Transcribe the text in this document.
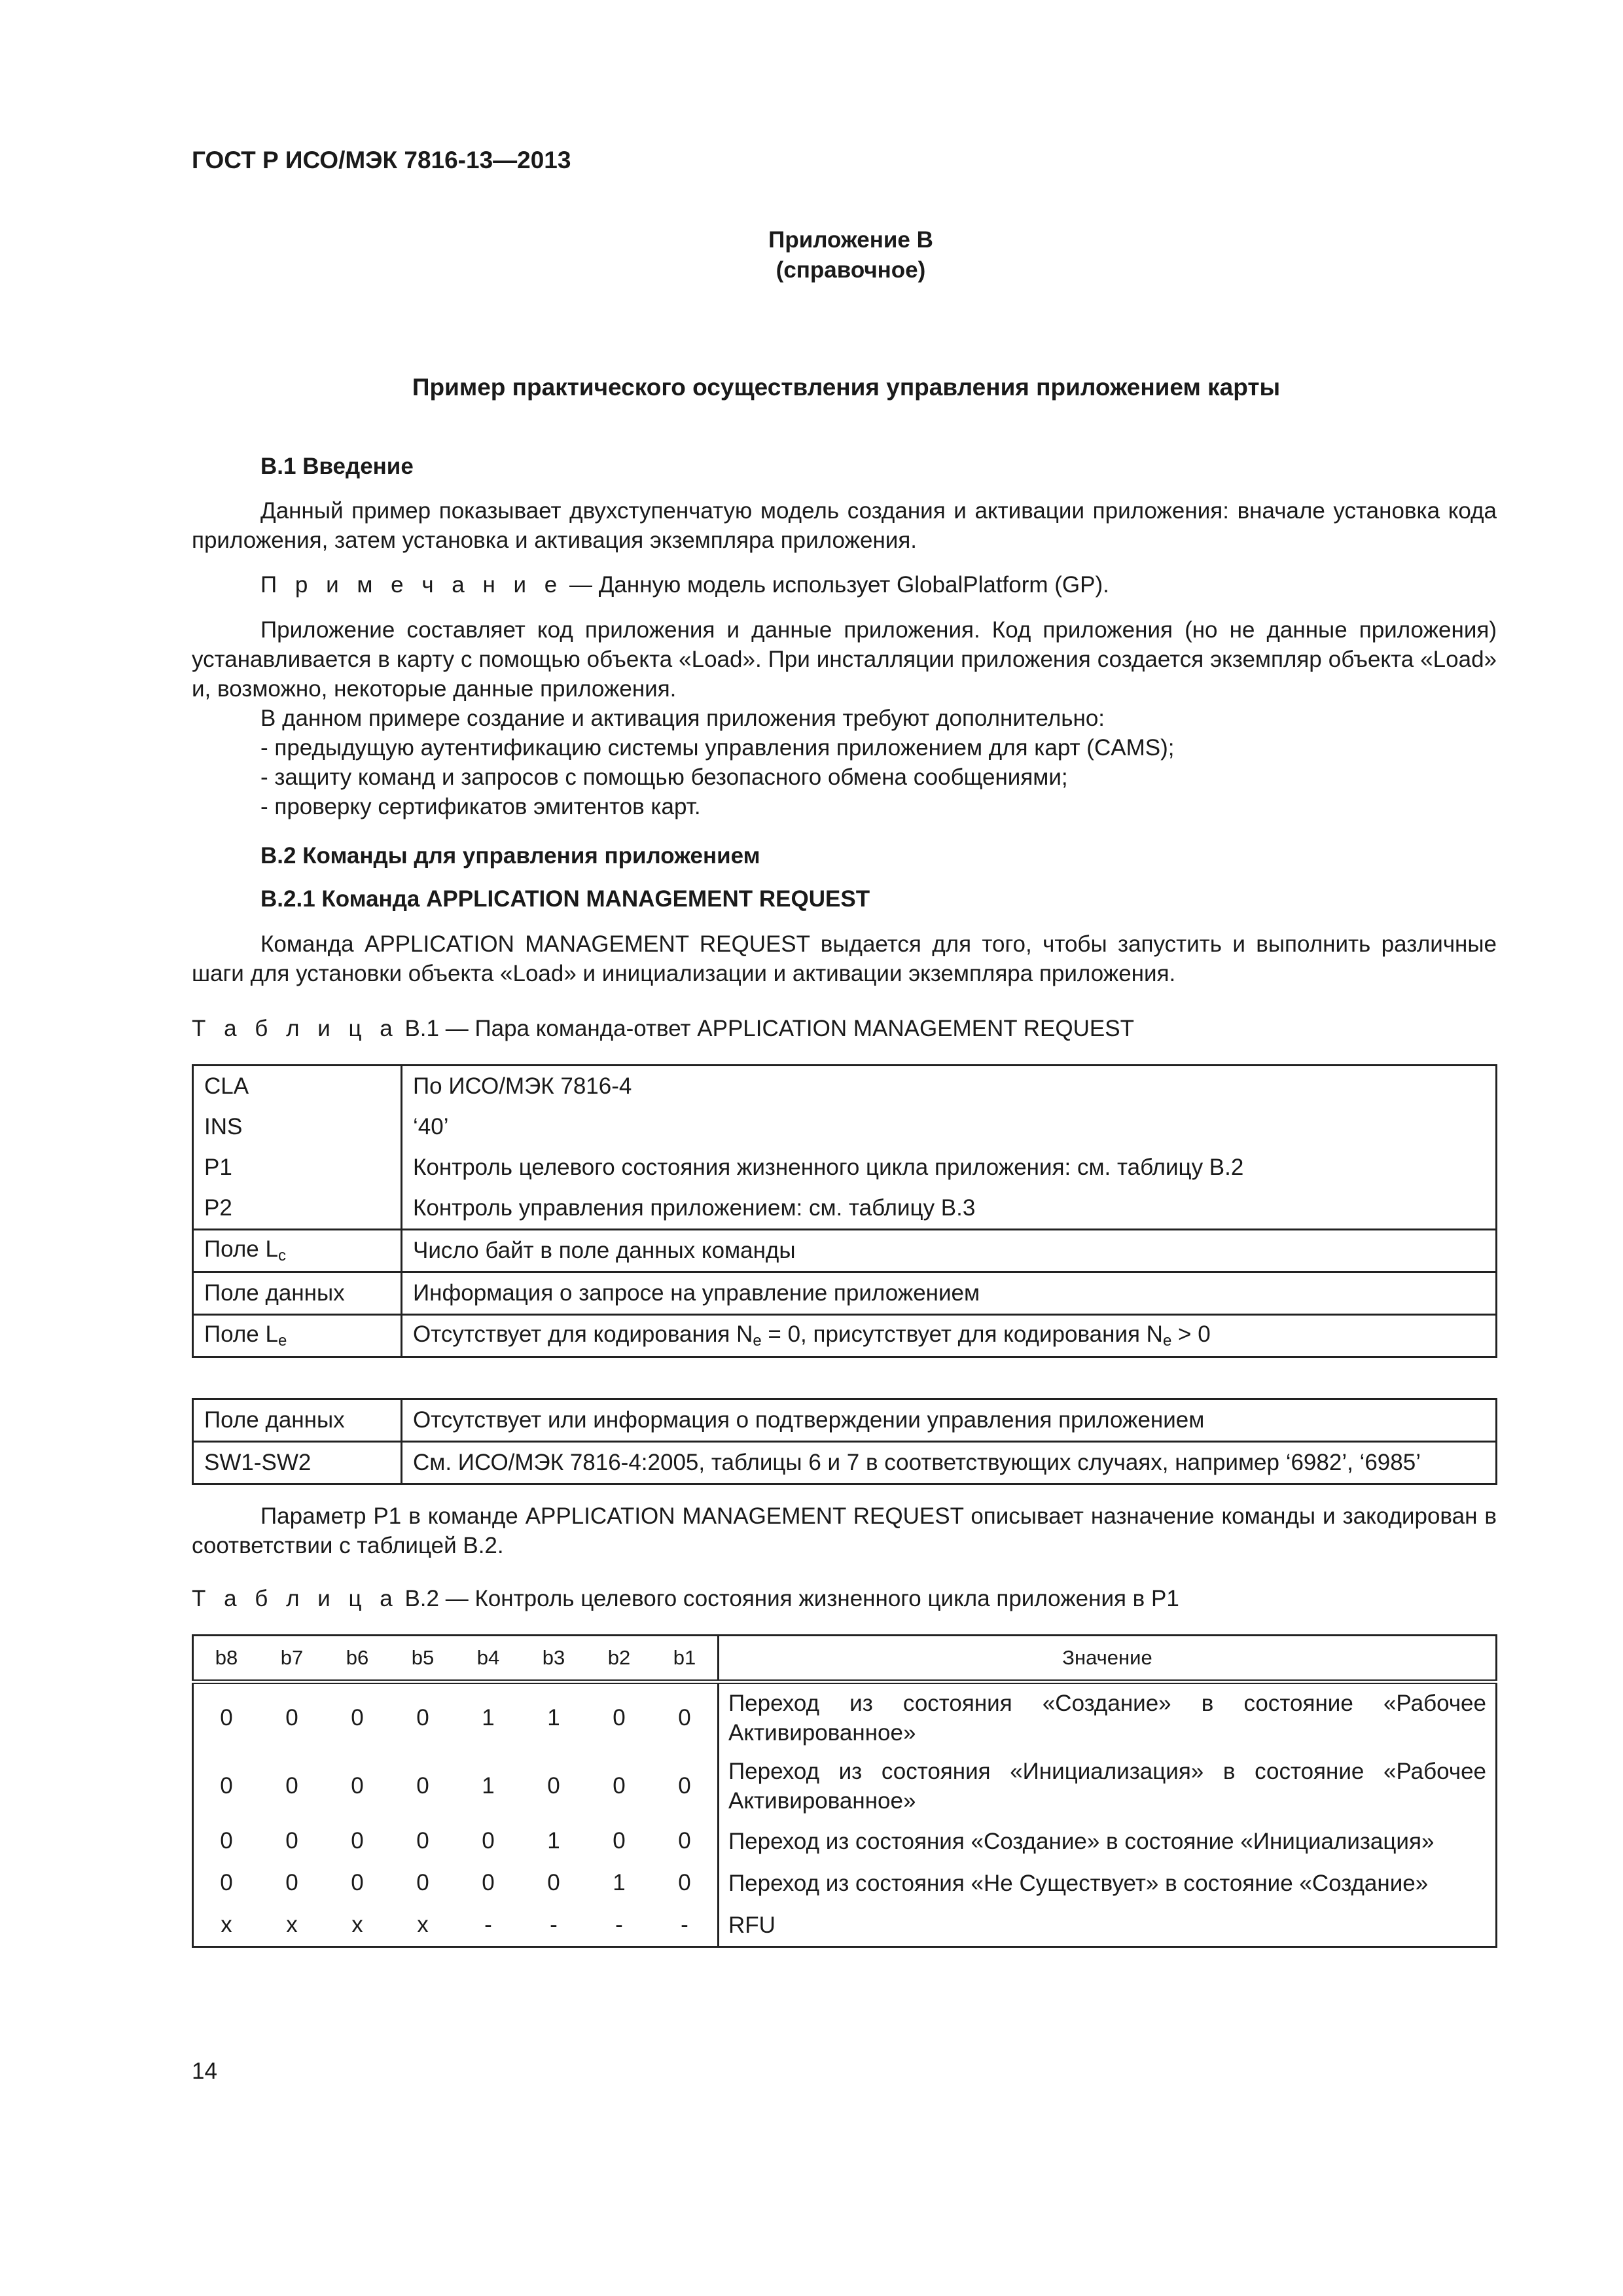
ГОСТ Р ИСО/МЭК 7816-13—2013
Приложение В
(справочное)
Пример практического осуществления управления приложением карты
В.1 Введение
Данный пример показывает двухступенчатую модель создания и активации приложения: вначале установка кода приложения, затем установка и активация экземпляра приложения.
П р и м е ч а н и е — Данную модель использует GlobalPlatform (GP).
Приложение составляет код приложения и данные приложения. Код приложения (но не данные приложения) устанавливается в карту с помощью объекта «Load». При инсталляции приложения создается экземпляр объекта «Load» и, возможно, некоторые данные приложения.
В данном примере создание и активация приложения требуют дополнительно:
- предыдущую аутентификацию системы управления приложением для карт (CAMS);
- защиту команд и запросов с помощью безопасного обмена сообщениями;
- проверку сертификатов эмитентов карт.
В.2 Команды для управления приложением
В.2.1 Команда APPLICATION MANAGEMENT REQUEST
Команда APPLICATION MANAGEMENT REQUEST выдается для того, чтобы запустить и выполнить различные шаги для установки объекта «Load» и инициализации и активации экземпляра приложения.
Т а б л и ц а В.1 — Пара команда-ответ APPLICATION MANAGEMENT REQUEST
CLA	По ИСО/МЭК 7816-4
INS	‘40’
P1	Контроль целевого состояния жизненного цикла приложения: см. таблицу В.2
P2	Контроль управления приложением: см. таблицу В.3
Поле $L_c$	Число байт в поле данных команды
Поле данных	Информация о запросе на управление приложением
Поле $L_e$	Отсутствует для кодирования $N_e = 0$, присутствует для кодирования $N_e > 0$
Поле данных	Отсутствует или информация о подтверждении управления приложением
SW1-SW2	См. ИСО/МЭК 7816-4:2005, таблицы 6 и 7 в соответствующих случаях, например ‘6982’, ‘6985’
Параметр P1 в команде APPLICATION MANAGEMENT REQUEST описывает назначение команды и закодирован в соответствии с таблицей В.2.
Т а б л и ц а В.2 — Контроль целевого состояния жизненного цикла приложения в P1
b8	b7	b6	b5	b4	b3	b2	b1	Значение
0	0	0	0	1	1	0	0	Переход из состояния «Создание» в состояние «Рабочее Активированное»
0	0	0	0	1	0	0	0	Переход из состояния «Инициализация» в состояние «Рабочее Активированное»
0	0	0	0	0	1	0	0	Переход из состояния «Создание» в состояние «Инициализация»
0	0	0	0	0	0	1	0	Переход из состояния «Не Существует» в состояние «Создание»
x	x	x	x	-	-	-	-	RFU
14
